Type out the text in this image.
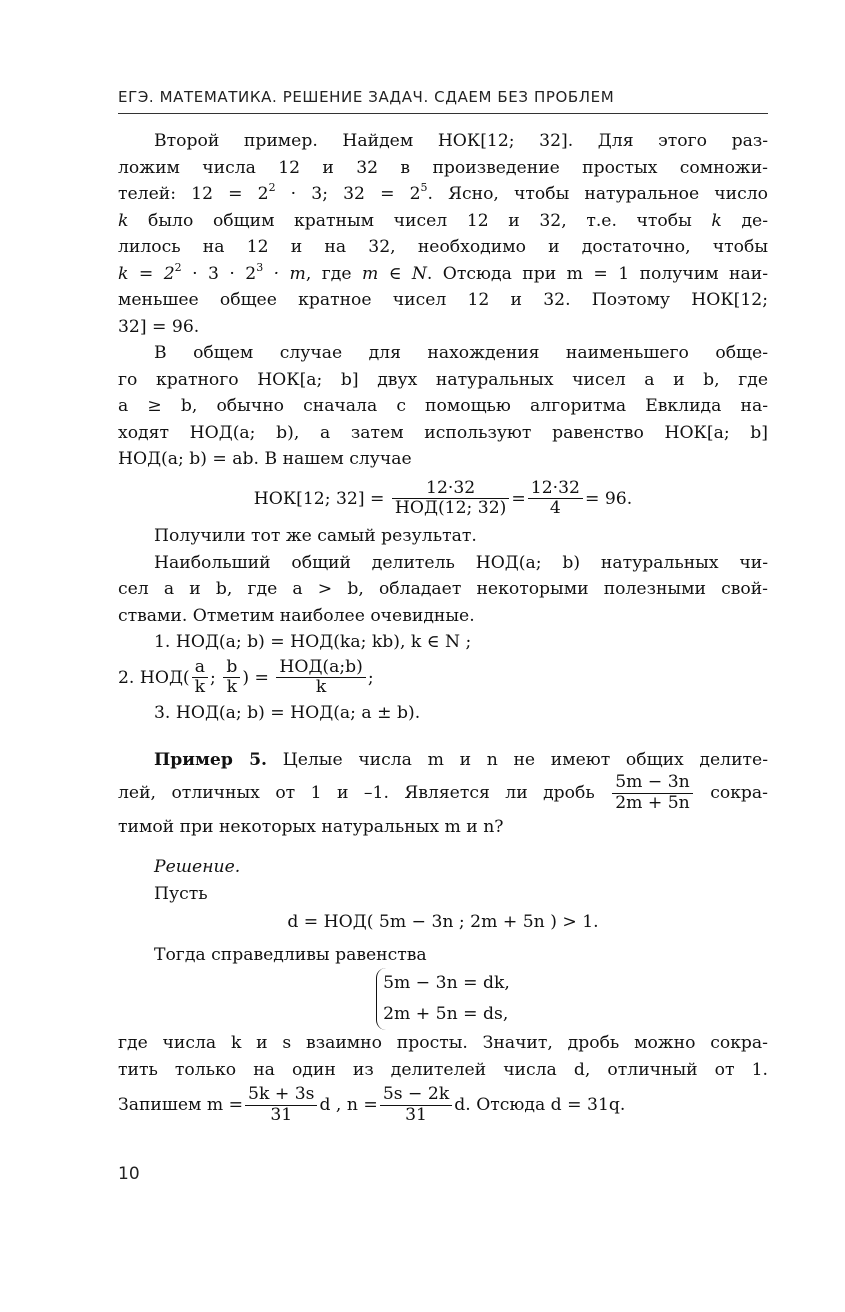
ЕГЭ. МАТЕМАТИКА. РЕШЕНИЕ ЗАДАЧ. СДАЕМ БЕЗ ПРОБЛЕМ

Второй пример. Найдем НОК[12; 32]. Для этого раз-

ложим числа 12 и 32 в произведение простых сомножи-

телей: $12 = 2^2 \cdot 3$; $32 = 2^5$. Ясно, чтобы натуральное число

k было общим кратным чисел 12 и 32, т.е. чтобы k де-

лилось на 12 и на 32, необходимо и достаточно, чтобы

$k = 2^2 \cdot 3 \cdot 2^3 \cdot m$, где m ∈ N. Отсюда при m = 1 получим наи-

меньшее общее кратное чисел 12 и 32. Поэтому НОК[12;

32] = 96.

В общем случае для нахождения наименьшего обще-

го кратного НОК[a; b] двух натуральных чисел a и b, где

a ≥ b, обычно сначала с помощью алгоритма Евклида на-

ходят НОД(a; b), а затем используют равенство НОК[a; b]

НОД(a; b) = ab. В нашем случае

НОК[12; $32] = \frac{12\cdot 32}{\text{НОД(12; 32)}} = \frac{12\cdot 32}{4} = 96$.

Получили тот же самый результат.

Наибольший общий делитель НОД(a; b) натуральных чи-

сел a и b, где a > b, обладает некоторыми полезными свой-

ствами. Отметим наиболее очевидные.

1. НОД(a; b) = НОД(ka; kb), k ∈ N ;

2. $НОД( \frac{a}{k}$ ; $\frac{b}{k}$ ) = $\frac{\text{НОД(a;b)}}{k}$ ;

3. НОД(a; b) = НОД(a; a ± b).

Пример 5. Целые числа m и n не имеют общих делите-

лей, отличных от 1 и –1. Является ли дробь $\frac{5m - 3n}{2m + 5n}$ сокра-

тимой при некоторых натуральных m и n?

Решение.

Пусть

d = НОД( 5m − 3n ; 2m + 5n ) > 1.

Тогда справедливы равенства

5m − 3n = dk,
2m + 5n = ds,

где числа k и s взаимно просты. Значит, дробь можно сокра-

тить только на один из делителей числа d, отличный от 1.

Запишем $m = \frac{5k + 3s}{31}$ d , $n = \frac{5s - 2k}{31} d$. Отсюда d = 31q.

10
